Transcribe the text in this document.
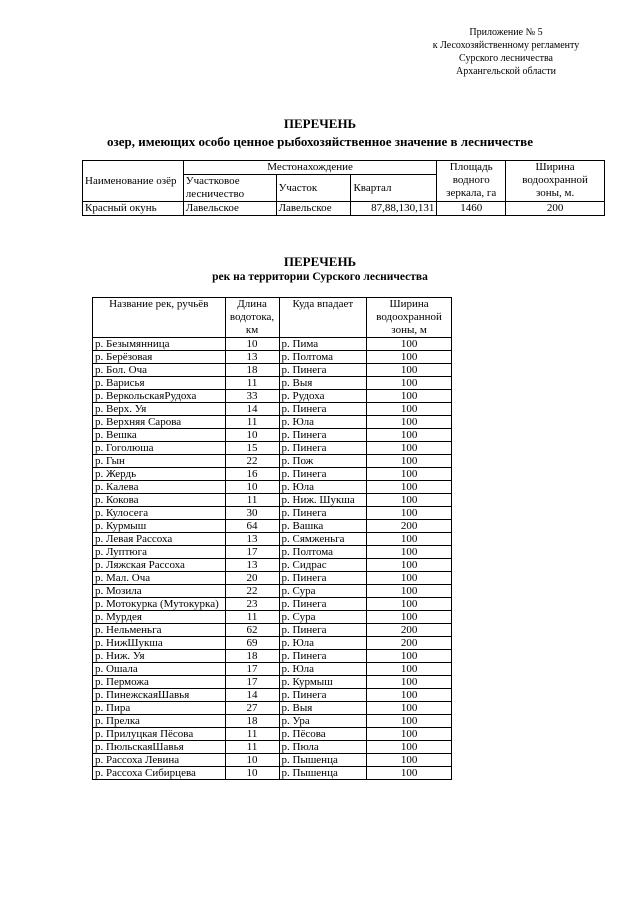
Приложение № 5
к Лесохозяйственному регламенту
Сурского лесничества
Архангельской области
ПЕРЕЧЕНЬ
озер, имеющих особо ценное рыбохозяйственное значение в лесничестве
Наименование озёр	Местонахождение			Площадь водного зеркала, га	Ширина водоохранной зоны, м.
	Участковое лесничество	Участок	Квартал		
Красный окунь	Лавельское	Лавельское	87,88,130,131	1460	200
ПЕРЕЧЕНЬ
рек на территории Сурского лесничества
Название рек, ручьёв	Длина водотока, км	Куда впадает	Ширина водоохранной зоны, м
р. Безымянница	10	р. Пима	100
р. Берёзовая	13	р. Полтома	100
р. Бол. Оча	18	р. Пинега	100
р. Варисья	11	р. Выя	100
р. ВеркольскаяРудоха	33	р. Рудоха	100
р. Верх. Уя	14	р. Пинега	100
р. Верхняя Сарова	11	р. Юла	100
р. Вешка	10	р. Пинега	100
р. Гоголюша	15	р. Пинега	100
р. Гын	22	р. Пож	100
р. Жердь	16	р. Пинега	100
р. Калева	10	р. Юла	100
р. Кокова	11	р. Ниж. Шукша	100
р. Кулосега	30	р. Пинега	100
р. Курмыш	64	р. Вашка	200
р. Левая Рассоха	13	р. Сямженьга	100
р. Луптюга	17	р. Полтома	100
р. Ляжская Рассоха	13	р. Сидрас	100
р. Мал. Оча	20	р. Пинега	100
р. Мозила	22	р. Сура	100
р. Мотокурка (Мутокурка)	23	р. Пинега	100
р. Мурдея	11	р. Сура	100
р. Нельменьга	62	р. Пинега	200
р. НижШукша	69	р. Юла	200
р. Ниж. Уя	18	р. Пинега	100
р. Ошала	17	р. Юла	100
р. Перможа	17	р. Курмыш	100
р. ПинежскаяШавья	14	р. Пинега	100
р. Пира	27	р. Выя	100
р. Прелка	18	р. Ура	100
р. Прилуцкая Пёсова	11	р. Пёсова	100
р. ПюльскаяШавья	11	р. Пюла	100
р. Рассоха Левина	10	р. Пышенца	100
р. Рассоха Сибирцева	10	р. Пышенца	100
